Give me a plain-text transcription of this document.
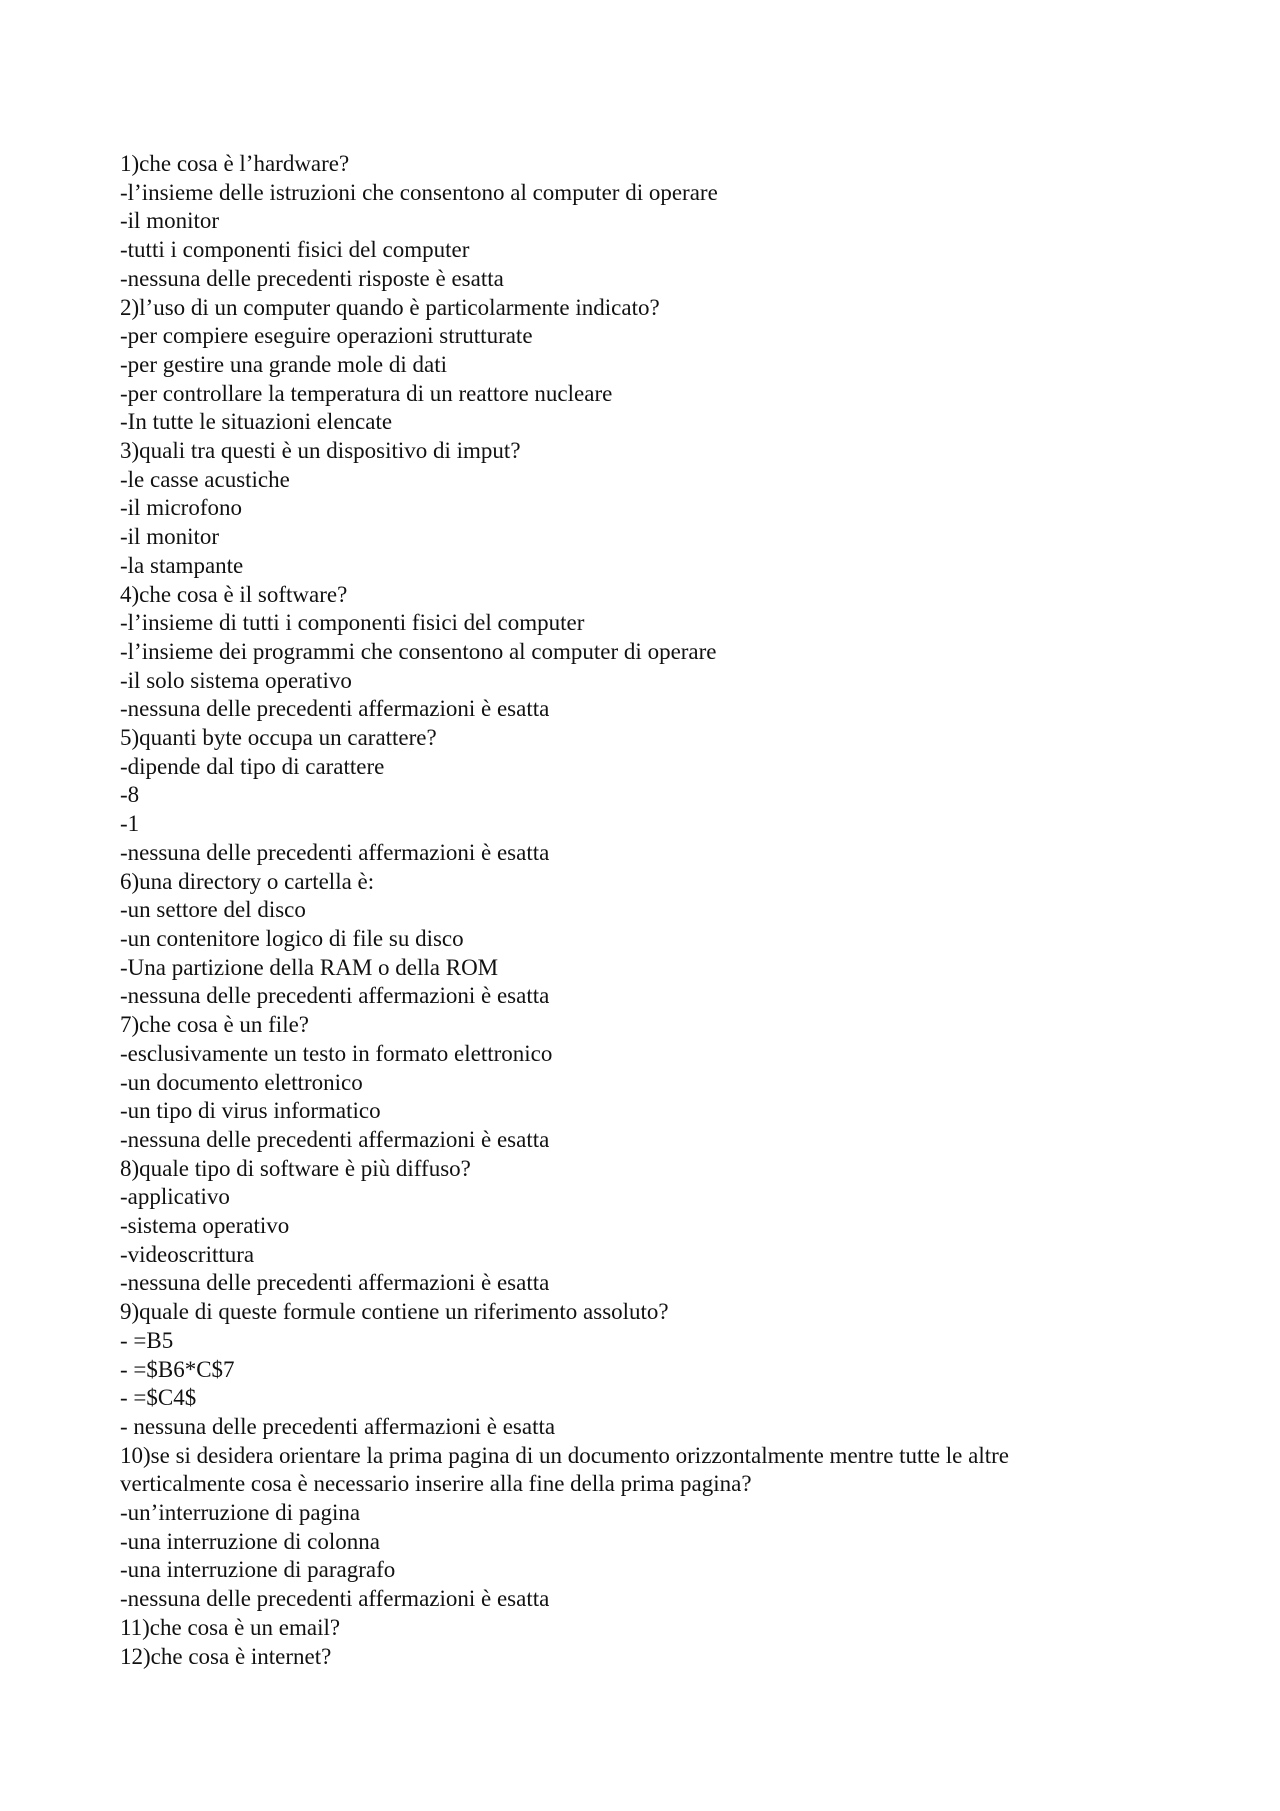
1)che cosa è l’hardware?

-l’insieme delle istruzioni che consentono al computer di operare
-il monitor
-tutti i componenti fisici del computer
-nessuna delle precedenti risposte è esatta

2)l’uso di un computer quando è particolarmente indicato?

-per compiere eseguire operazioni strutturate
-per gestire una grande mole di dati
-per controllare la temperatura di un reattore nucleare
-In tutte le situazioni elencate

3)quali tra questi è un dispositivo di imput?

-le casse acustiche
-il microfono
-il monitor
-la stampante

4)che cosa è il software?

-l’insieme di tutti i componenti fisici del computer
-l’insieme dei programmi che consentono al computer di operare
-il solo sistema operativo
-nessuna delle precedenti affermazioni è esatta

5)quanti byte occupa un carattere?

-dipende dal tipo di carattere
-8
-1
-nessuna delle precedenti affermazioni è esatta

6)una directory o cartella è:

-un settore del disco
-un contenitore logico di file su disco
-Una partizione della RAM o della ROM
-nessuna delle precedenti affermazioni è esatta

7)che cosa è un file?

-esclusivamente un testo in formato elettronico
-un documento elettronico
-un tipo di virus informatico
-nessuna delle precedenti affermazioni è esatta

8)quale tipo di software è più diffuso?

-applicativo
-sistema operativo
-videoscrittura
-nessuna delle precedenti affermazioni è esatta

9)quale di queste formule contiene un riferimento assoluto?

- =B5
- =$B6*C$7
- =$C4$
- nessuna delle precedenti affermazioni è esatta

10)se si desidera orientare la prima pagina di un documento orizzontalmente mentre tutte le altre

verticalmente cosa è necessario inserire alla fine della prima pagina?

-un’interruzione di pagina
-una interruzione di colonna
-una interruzione di paragrafo
-nessuna delle precedenti affermazioni è esatta

11)che cosa è un email?

12)che cosa è internet?
